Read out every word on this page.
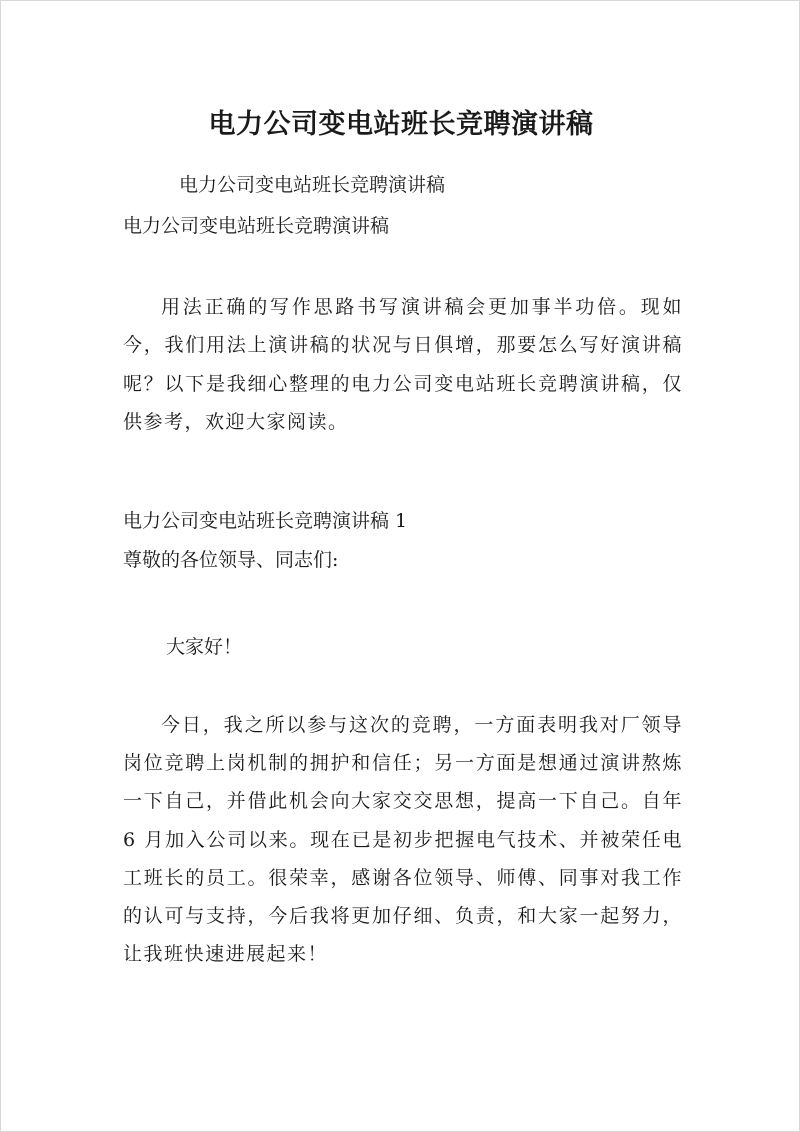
电力公司变电站班长竞聘演讲稿
电力公司变电站班长竞聘演讲稿
电力公司变电站班长竞聘演讲稿
用法正确的写作思路书写演讲稿会更加事半功倍。现如今，我们用法上演讲稿的状况与日俱增，那要怎么写好演讲稿呢？以下是我细心整理的电力公司变电站班长竞聘演讲稿，仅供参考，欢迎大家阅读。
电力公司变电站班长竞聘演讲稿 1
尊敬的各位领导、同志们:
大家好！
今日，我之所以参与这次的竞聘，一方面表明我对厂领导岗位竞聘上岗机制的拥护和信任；另一方面是想通过演讲熬炼一下自己，并借此机会向大家交交思想，提高一下自己。自年 6 月加入公司以来。现在已是初步把握电气技术、并被荣任电工班长的员工。很荣幸，感谢各位领导、师傅、同事对我工作的认可与支持，今后我将更加仔细、负责，和大家一起努力，让我班快速进展起来！
